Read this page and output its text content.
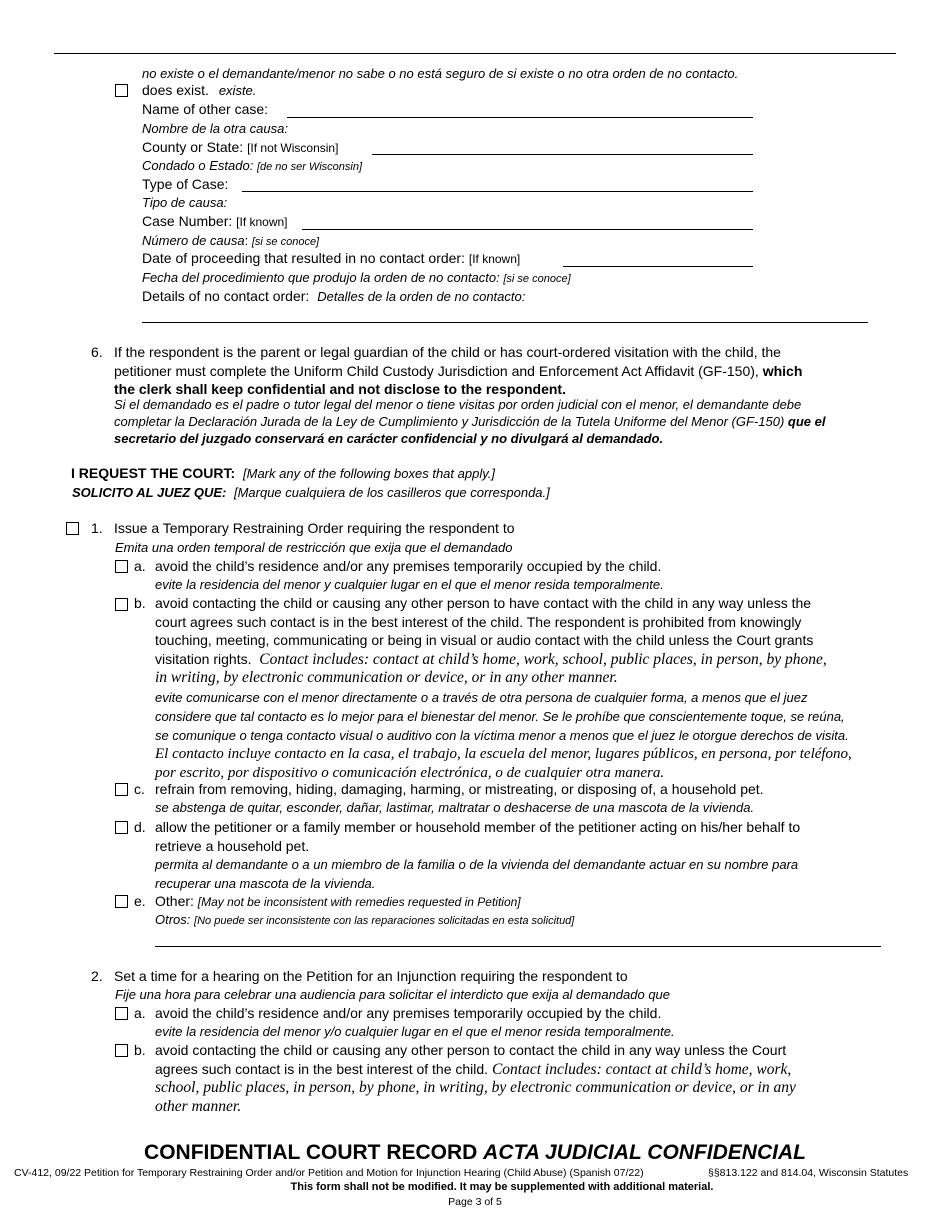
no existe o el demandante/menor no sabe o no está seguro de si existe o no otra orden de no contacto.
does exist. existe.
Name of other case:
Nombre de la otra causa:
County or State: [If not Wisconsin]
Condado o Estado: [de no ser Wisconsin]
Type of Case:
Tipo de causa:
Case Number: [If known]
Número de causa: [si se conoce]
Date of proceeding that resulted in no contact order: [If known]
Fecha del procedimiento que produjo la orden de no contacto: [si se conoce]
Details of no contact order: Detalles de la orden de no contacto:
6. If the respondent is the parent or legal guardian of the child or has court-ordered visitation with the child, the
petitioner must complete the Uniform Child Custody Jurisdiction and Enforcement Act Affidavit (GF-150), which
the clerk shall keep confidential and not disclose to the respondent.
Si el demandado es el padre o tutor legal del menor o tiene visitas por orden judicial con el menor, el demandante debe
completar la Declaración Jurada de la Ley de Cumplimiento y Jurisdicción de la Tutela Uniforme del Menor (GF-150) que el
secretario del juzgado conservará en carácter confidencial y no divulgará al demandado.
I REQUEST THE COURT: [Mark any of the following boxes that apply.]
SOLICITO AL JUEZ QUE: [Marque cualquiera de los casilleros que corresponda.]
1. Issue a Temporary Restraining Order requiring the respondent to
Emita una orden temporal de restricción que exija que el demandado
a. avoid the child’s residence and/or any premises temporarily occupied by the child.
evite la residencia del menor y cualquier lugar en el que el menor resida temporalmente.
b. avoid contacting the child or causing any other person to have contact with the child in any way unless the
court agrees such contact is in the best interest of the child. The respondent is prohibited from knowingly
touching, meeting, communicating or being in visual or audio contact with the child unless the Court grants
visitation rights. Contact includes: contact at child’s home, work, school, public places, in person, by phone,
in writing, by electronic communication or device, or in any other manner.
evite comunicarse con el menor directamente o a través de otra persona de cualquier forma, a menos que el juez
considere que tal contacto es lo mejor para el bienestar del menor. Se le prohíbe que conscientemente toque, se reúna,
se comunique o tenga contacto visual o auditivo con la víctima menor a menos que el juez le otorgue derechos de visita.
El contacto incluye contacto en la casa, el trabajo, la escuela del menor, lugares públicos, en persona, por teléfono,
por escrito, por dispositivo o comunicación electrónica, o de cualquier otra manera.
c. refrain from removing, hiding, damaging, harming, or mistreating, or disposing of, a household pet.
se abstenga de quitar, esconder, dañar, lastimar, maltratar o deshacerse de una mascota de la vivienda.
d. allow the petitioner or a family member or household member of the petitioner acting on his/her behalf to
retrieve a household pet.
permita al demandante o a un miembro de la familia o de la vivienda del demandante actuar en su nombre para
recuperar una mascota de la vivienda.
e. Other: [May not be inconsistent with remedies requested in Petition]
Otros: [No puede ser inconsistente con las reparaciones solicitadas en esta solicitud]
2. Set a time for a hearing on the Petition for an Injunction requiring the respondent to
Fije una hora para celebrar una audiencia para solicitar el interdicto que exija al demandado que
a. avoid the child’s residence and/or any premises temporarily occupied by the child.
evite la residencia del menor y/o cualquier lugar en el que el menor resida temporalmente.
b. avoid contacting the child or causing any other person to contact the child in any way unless the Court
agrees such contact is in the best interest of the child. Contact includes: contact at child’s home, work,
school, public places, in person, by phone, in writing, by electronic communication or device, or in any
other manner.
CONFIDENTIAL COURT RECORD ACTA JUDICIAL CONFIDENCIAL
CV-412, 09/22 Petition for Temporary Restraining Order and/or Petition and Motion for Injunction Hearing (Child Abuse) (Spanish 07/22)	§§813.122 and 814.04, Wisconsin Statutes
This form shall not be modified. It may be supplemented with additional material.
Page 3 of 5
